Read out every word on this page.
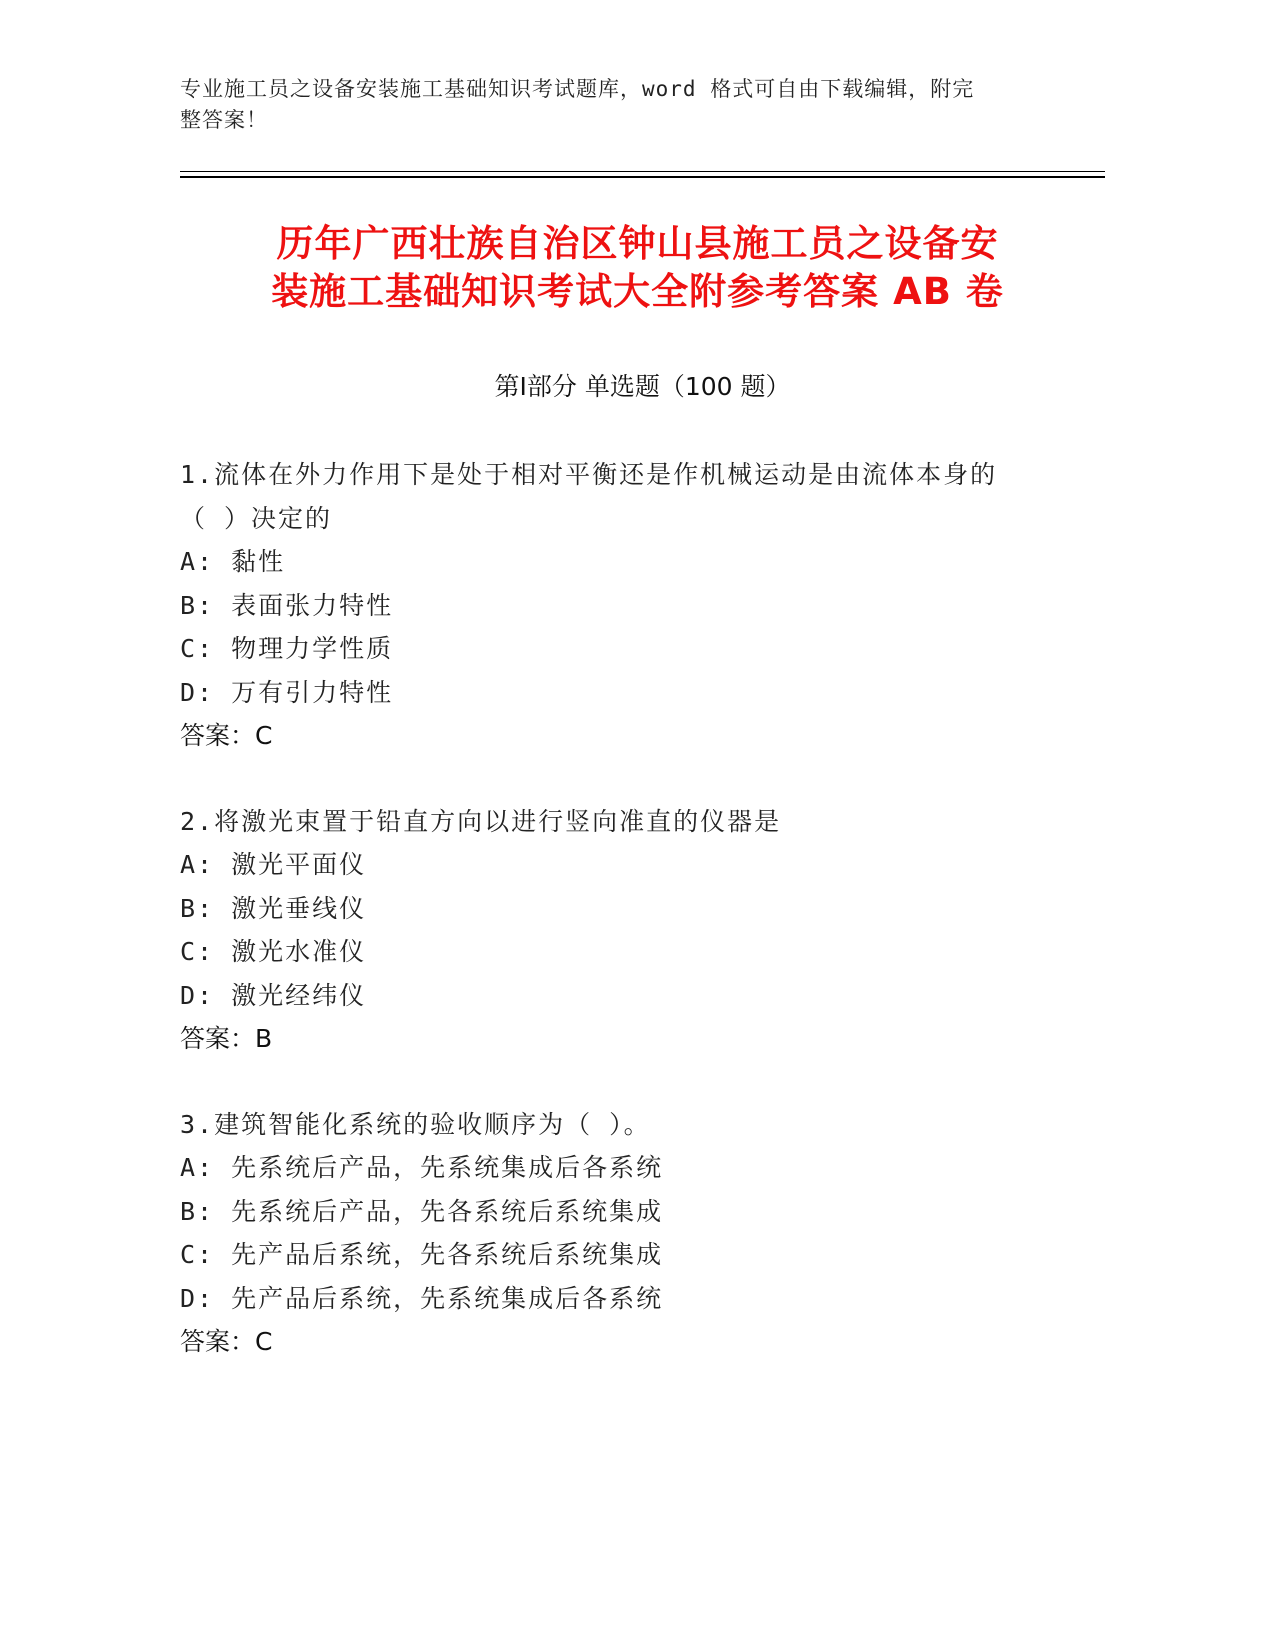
专业施工员之设备安装施工基础知识考试题库，word 格式可自由下载编辑，附完
整答案！
历年广西壮族自治区钟山县施工员之设备安
装施工基础知识考试大全附参考答案 AB 卷
第Ⅰ部分 单选题（100 题）
1.流体在外力作用下是处于相对平衡还是作机械运动是由流体本身的
（ ）决定的
A: 黏性
B: 表面张力特性
C: 物理力学性质
D: 万有引力特性
答案：C
2.将激光束置于铅直方向以进行竖向准直的仪器是
A: 激光平面仪
B: 激光垂线仪
C: 激光水准仪
D: 激光经纬仪
答案：B
3.建筑智能化系统的验收顺序为（ ）。
A: 先系统后产品，先系统集成后各系统
B: 先系统后产品，先各系统后系统集成
C: 先产品后系统，先各系统后系统集成
D: 先产品后系统，先系统集成后各系统
答案：C
